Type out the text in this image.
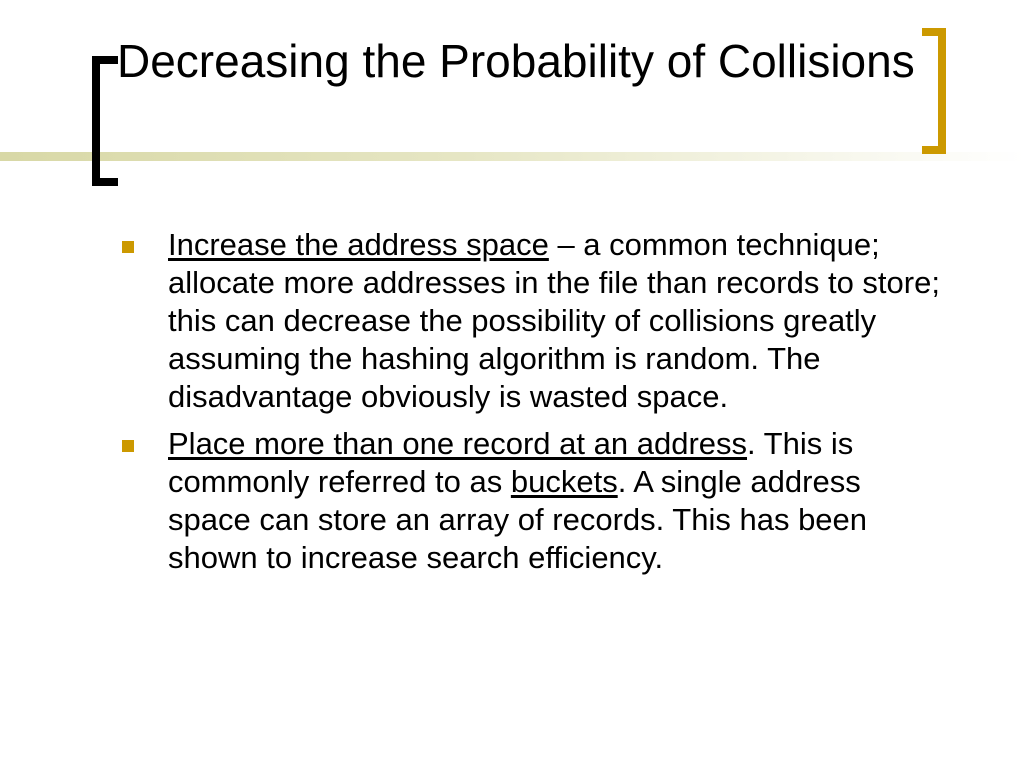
Decreasing the Probability of Collisions
Increase the address space – a common technique; allocate more addresses in the file than records to store; this can decrease the possibility of collisions greatly assuming the hashing algorithm is random. The disadvantage obviously is wasted space.
Place more than one record at an address. This is commonly referred to as buckets. A single address space can store an array of records. This has been shown to increase search efficiency.
